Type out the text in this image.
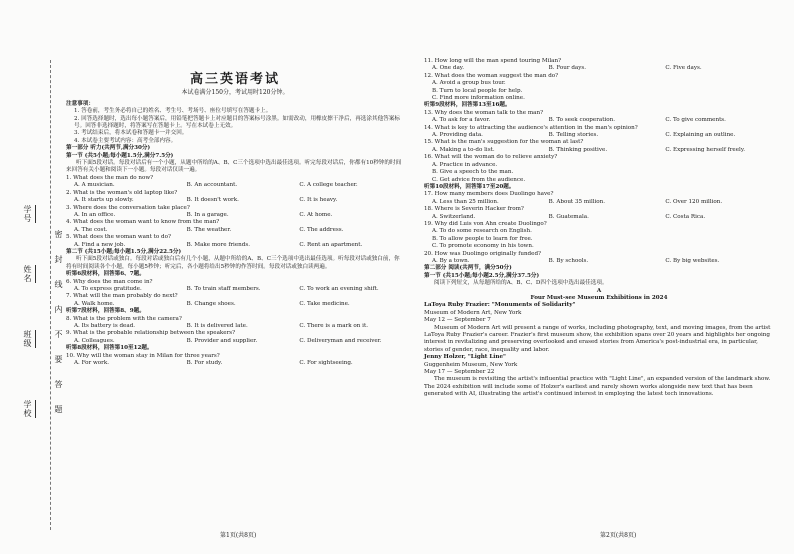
学号
姓名
班级
学校
密
封
线
内
不
要
答
题
高三英语考试
本试卷满分150分，考试用时120分钟。
注意事项：
1. 答卷前，考生务必将自己的姓名、考生号、考场号、座位号填写在答题卡上。
2. 回答选择题时，选出每小题答案后，用铅笔把答题卡上对应题目的答案标号涂黑。如需改动，用橡皮擦干净后，再选涂其他答案标号。回答非选择题时，将答案写在答题卡上。写在本试卷上无效。
3. 考试结束后，将本试卷和答题卡一并交回。
4. 本试卷主要考试内容：高考全部内容。
第一部分 听力(共两节,满分30分)
第一节 (共5小题;每小题1.5分,满分7.5分)
听下面5段对话。每段对话后有一个小题，从题中所给的A、B、C三个选项中选出最佳选项。听完每段对话后，你都有10秒钟的时间来回答有关小题和阅读下一小题。每段对话仅读一遍。
1. What does the man do now?
A. A musician.	B. An accountant.	C. A college teacher.
2. What is the woman's old laptop like?
A. It starts up slowly.	B. It doesn't work.	C. It is heavy.
3. Where does the conversation take place?
A. In an office.	B. In a garage.	C. At home.
4. What does the woman want to know from the man?
A. The cost.	B. The weather.	C. The address.
5. What does the woman want to do?
A. Find a new job.	B. Make more friends.	C. Rent an apartment.
第二节 (共15小题;每小题1.5分,满分22.5分)
听下面5段对话或独白。每段对话或独白后有几个小题，从题中所给的A、B、C三个选项中选出最佳选项。听每段对话或独白前，你将有时间阅读各个小题，每小题5秒钟；听完后，各小题将给出5秒钟的作答时间。每段对话或独白读两遍。
听第6段材料，回答第6、7题。
6. Why does the man come in?
A. To express gratitude.	B. To train staff members.	C. To work an evening shift.
7. What will the man probably do next?
A. Walk home.	B. Change shoes.	C. Take medicine.
听第7段材料，回答第8、9题。
8. What is the problem with the camera?
A. Its battery is dead.	B. It is delivered late.	C. There is a mark on it.
9. What is the probable relationship between the speakers?
A. Colleagues.	B. Provider and supplier.	C. Deliveryman and receiver.
听第8段材料，回答第10至12题。
10. Why will the woman stay in Milan for three years?
A. For work.	B. For study.	C. For sightseeing.
11. How long will the man spend touring Milan?
A. One day.	B. Four days.	C. Five days.
12. What does the woman suggest the man do?
A. Avoid a group bus tour.
B. Turn to local people for help.
C. Find more information online.
听第9段材料，回答第13至16题。
13. Why does the woman talk to the man?
A. To ask for a favor.	B. To seek cooperation.	C. To give comments.
14. What is key to attracting the audience's attention in the man's opinion?
A. Providing data.	B. Telling stories.	C. Explaining an outline.
15. What is the man's suggestion for the woman at last?
A. Making a to-do list.	B. Thinking positive.	C. Expressing herself freely.
16. What will the woman do to relieve anxiety?
A. Practice in advance.
B. Give a speech to the man.
C. Get advice from the audience.
听第10段材料，回答第17至20题。
17. How many members does Duolingo have?
A. Less than 25 million.	B. About 35 million.	C. Over 120 million.
18. Where is Severin Hacker from?
A. Switzerland.	B. Guatemala.	C. Costa Rica.
19. Why did Luis von Ahn create Duolingo?
A. To do some research on English.
B. To allow people to learn for free.
C. To promote economy in his town.
20. How was Duolingo originally funded?
A. By a town.	B. By schools.	C. By big websites.
第二部分 阅读(共两节，满分50分)
第一节 (共15小题;每小题2.5分,满分37.5分)
阅读下列短文，从每题所给的A、B、C、D四个选项中选出最佳选项。
A
Four Must-see Museum Exhibitions in 2024
LaToya Ruby Frazier: "Monuments of Solidarity"
Museum of Modern Art, New York
May 12 — September 7
Museum of Modern Art will present a range of works, including photography, text, and moving images, from the artist LaToya Ruby Frazier's career. Frazier's first museum show, the exhibition spans over 20 years and highlights her ongoing interest in revitalizing and preserving overlooked and erased stories from America's post-industrial era, in particular, stories of gender, race, inequality and labor.
Jenny Holzer, "Light Line"
Guggenheim Museum, New York
May 17 — September 22
The museum is revisiting the artist's influential practice with "Light Line", an expanded version of the landmark show. The 2024 exhibition will include some of Holzer's earliest and rarely shown works alongside new text that has been generated with AI, illustrating the artist's continued interest in employing the latest tech innovations.
第1页(共8页)	第2页(共8页)
